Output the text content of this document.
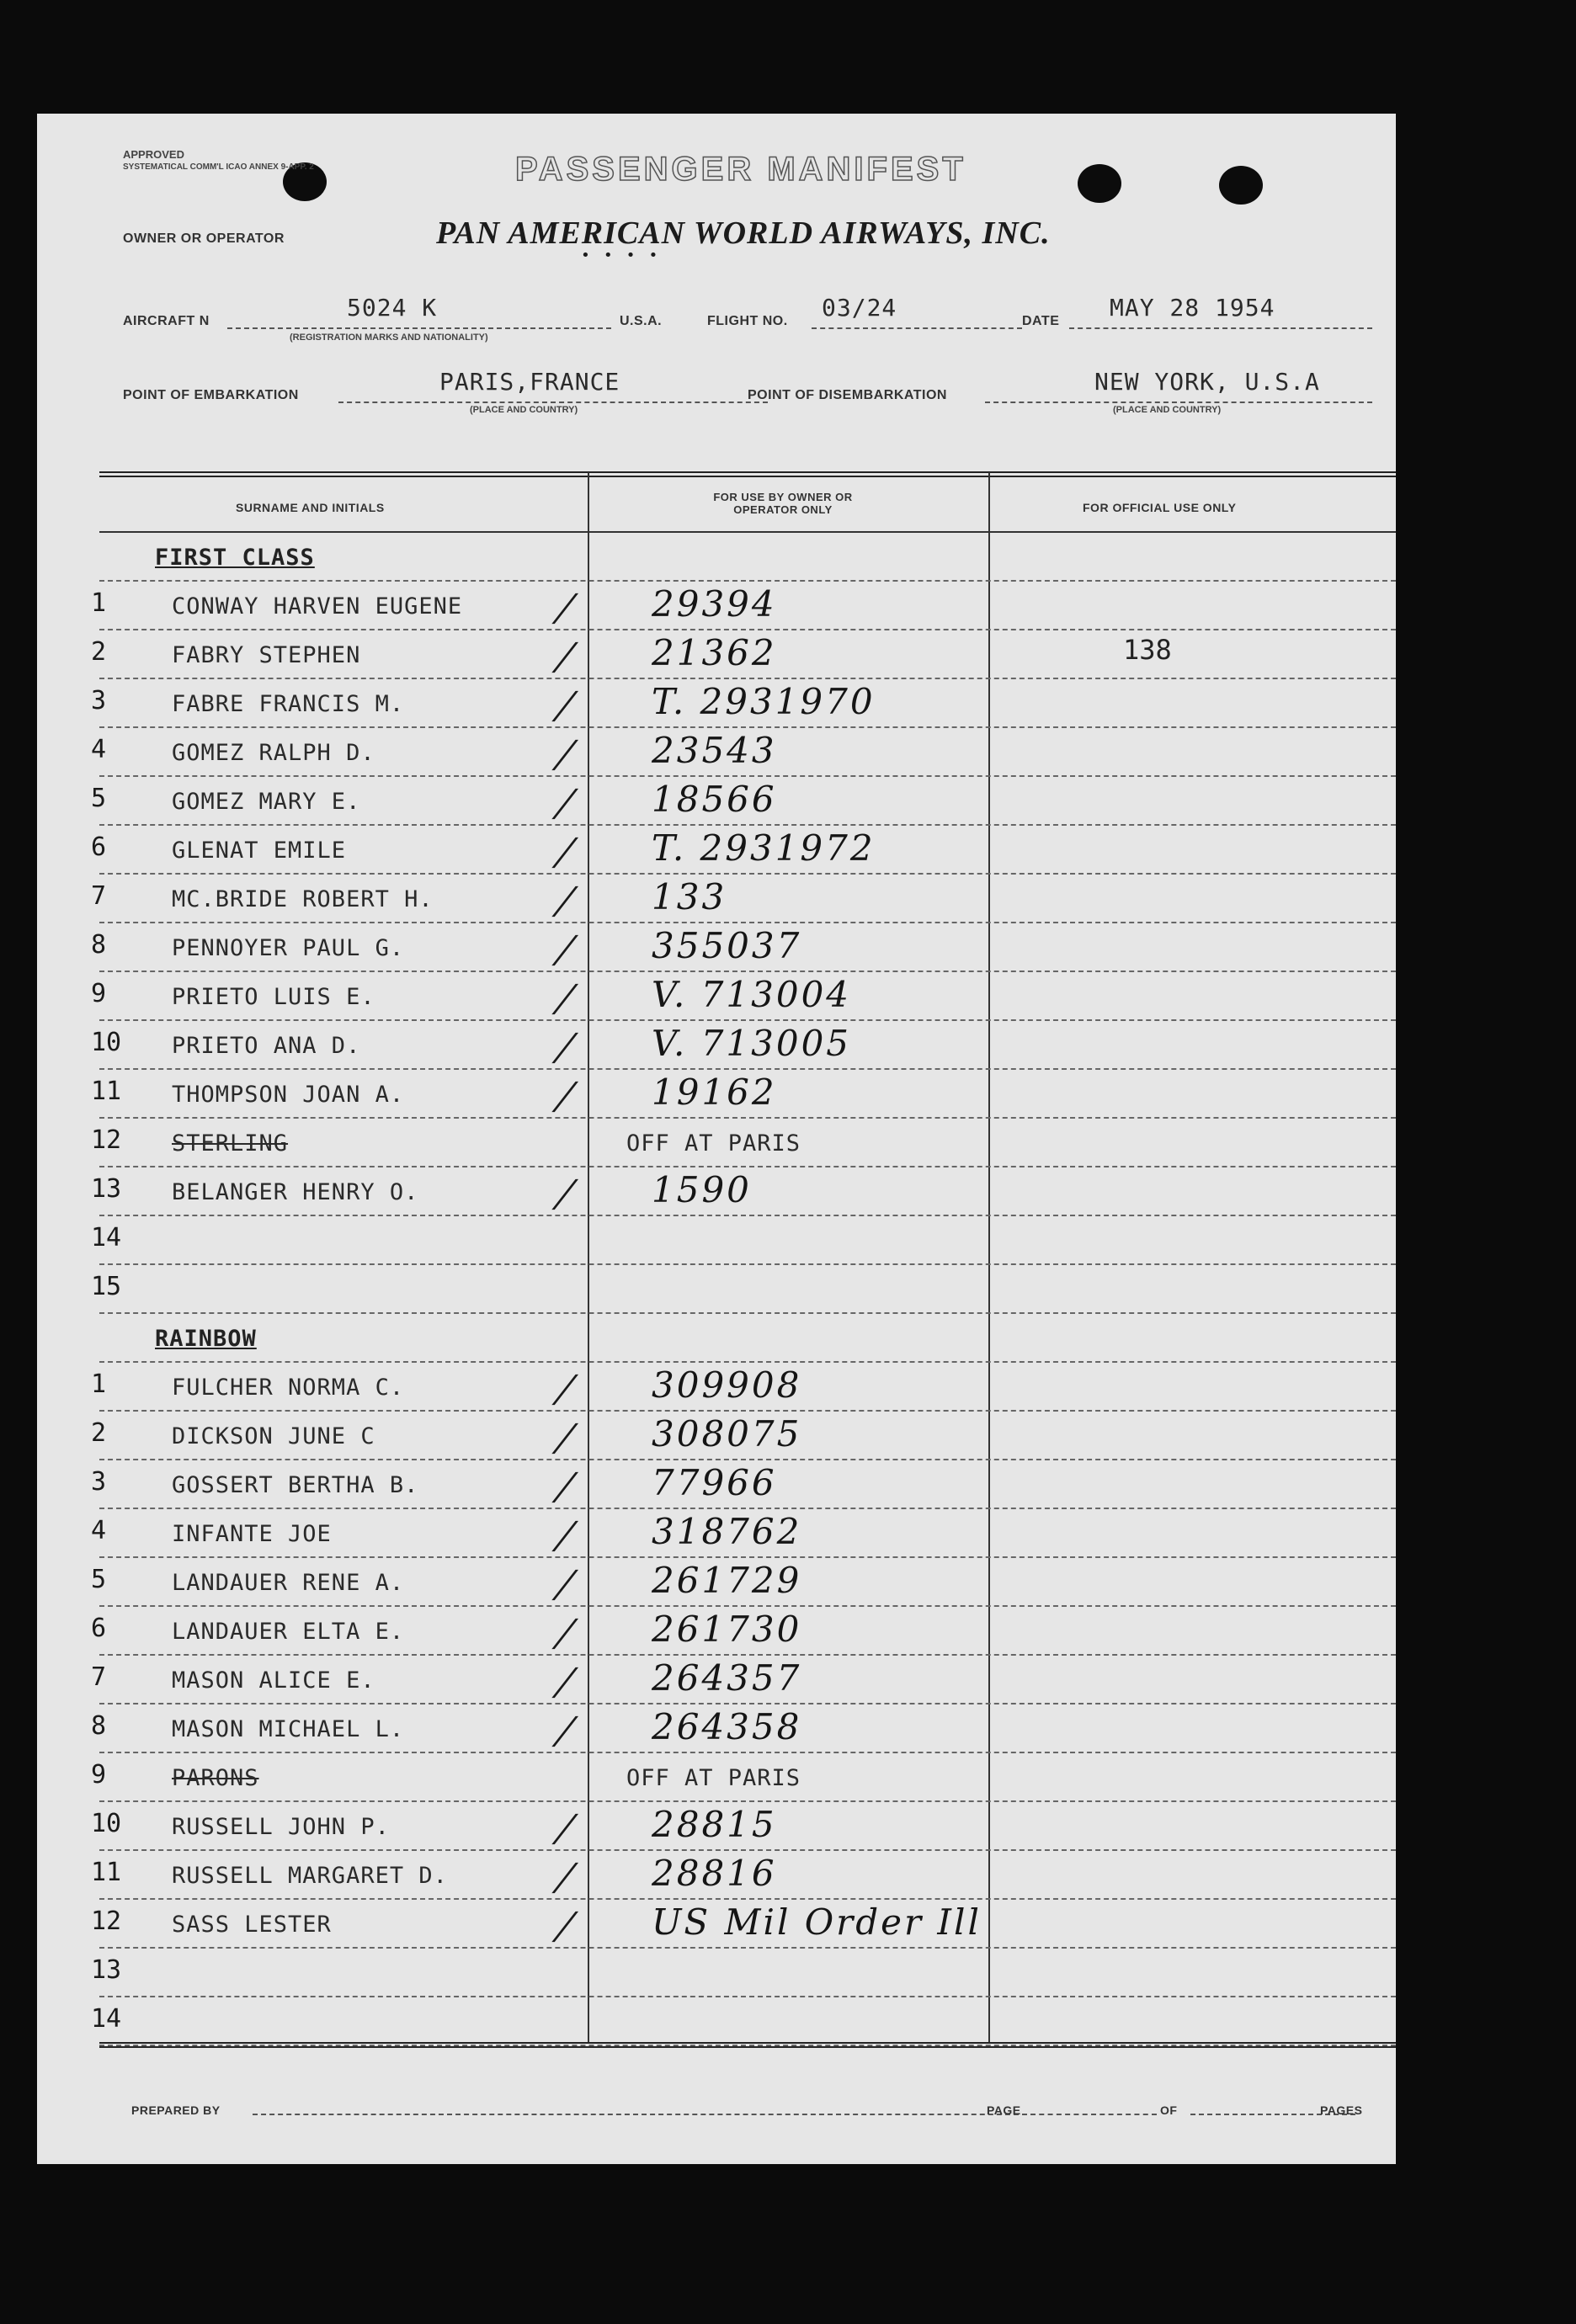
APPROVED
SYSTEMATICAL COMM'L ICAO ANNEX 9-APP. 2	PASSENGER MANIFEST
OWNER OR OPERATOR	PAN AMERICAN WORLD AIRWAYS, INC.
••••
AIRCRAFT N	5024 K
(REGISTRATION MARKS AND NATIONALITY)
U.S.A.	FLIGHT NO. 03/24	DATE MAY 28 1954
POINT OF EMBARKATION	PARIS,FRANCE
(PLACE AND COUNTRY)
POINT OF DISEMBARKATION	NEW YORK, U.S.A
(PLACE AND COUNTRY)
SURNAME AND INITIALS
FOR USE BY OWNER OR OPERATOR ONLY	FOR OFFICIAL USE ONLY
FIRST CLASS
1	CONWAY HARVEN EUGENE / 29394
2	FABRY STEPHEN	/ 21362	138
3	FABRE FRANCIS M.	/ T. 2931970
4	GOMEZ RALPH D.	/ 23543
5	GOMEZ MARY E.	/ 18566
6	GLENAT EMILE	/ T. 2931972
7	MC.BRIDE ROBERT H.	/ 133
8	PENNOYER PAUL G.	/ 355037
9	PRIETO LUIS E.	/ V. 713004
10 PRIETO ANA D.	/ V. 713005
11 THOMPSON JOAN A.	/ 19162
12 STERLING	OFF AT PARIS
13 BELANGER HENRY O.	/ 1590
14
15
RAINBOW
1	FULCHER NORMA C.	/ 309908
2	DICKSON JUNE C	/ 308075
3	GOSSERT BERTHA B.	/ 77966
4	INFANTE JOE	/ 318762
5	LANDAUER RENE A.	/ 261729
6	LANDAUER ELTA E.	/ 261730
7	MASON ALICE E.	/ 264357
8	MASON MICHAEL L.	/ 264358
9	PARONS	OFF AT PARIS
10 RUSSELL JOHN P.	/ 28815
11 RUSSELL MARGARET D.	/ 28816
12 SASS LESTER	/ US Mil Order Ill
13
14
PREPARED BY	PAGE	OF	PAGES
